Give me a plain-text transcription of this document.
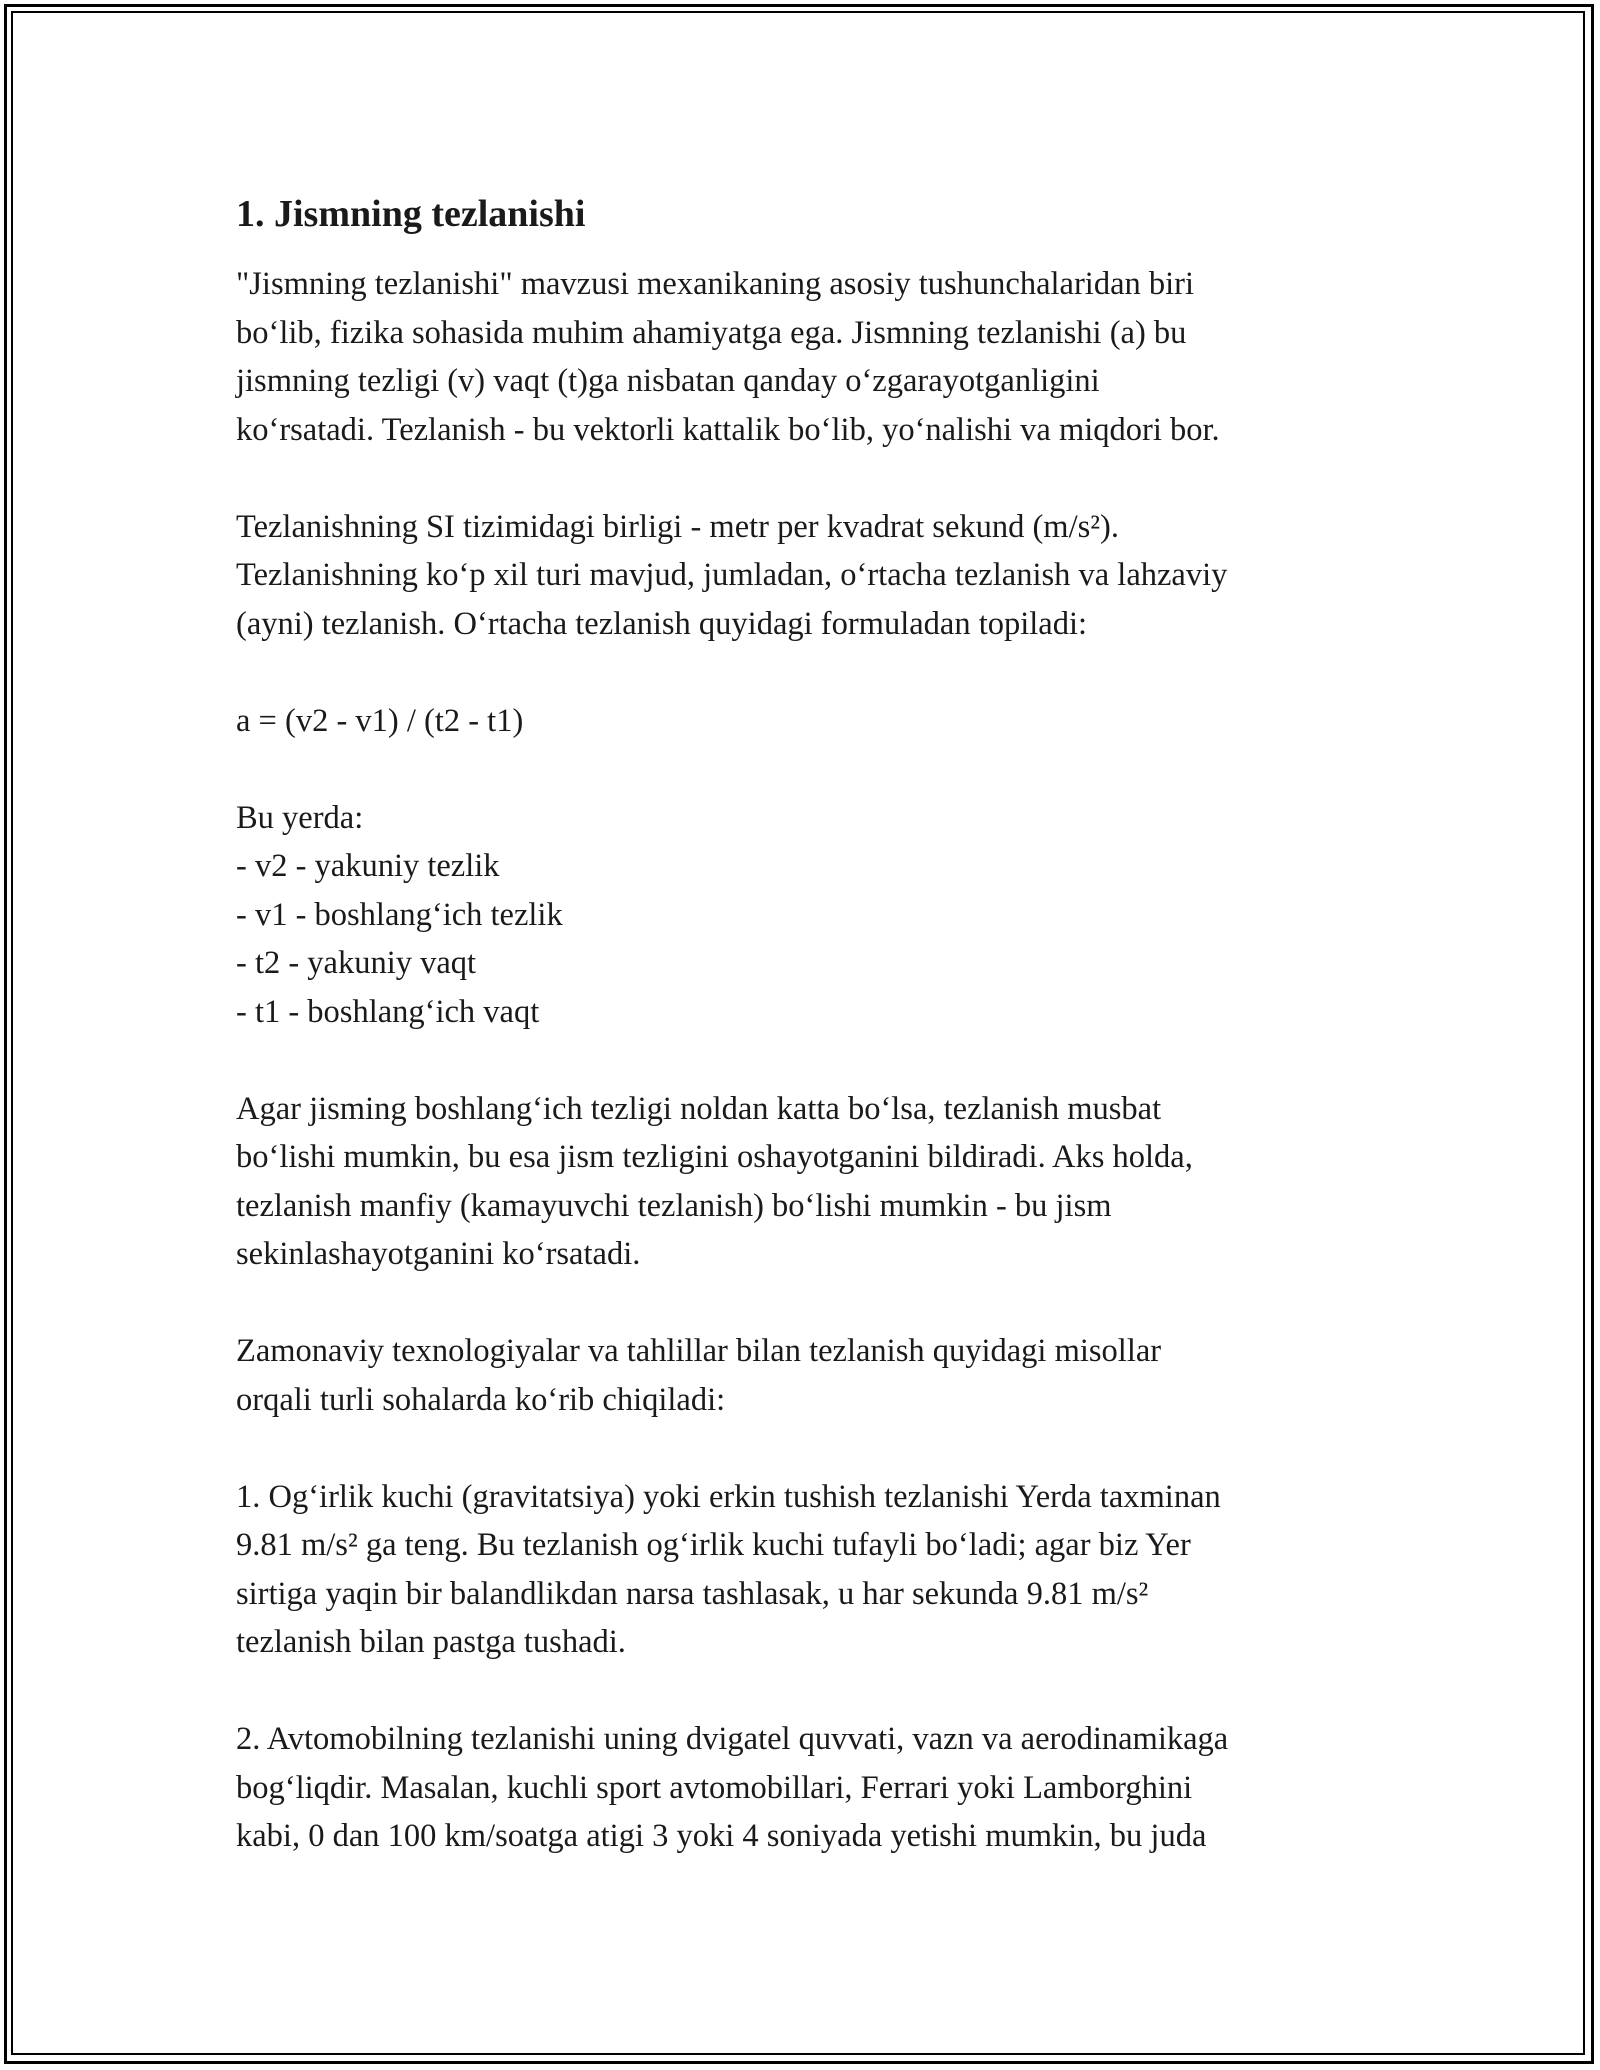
1. Jismning tezlanishi

"Jismning tezlanishi" mavzusi mexanikaning asosiy tushunchalaridan biri
bo‘lib, fizika sohasida muhim ahamiyatga ega. Jismning tezlanishi (a) bu
jismning tezligi (v) vaqt (t)ga nisbatan qanday o‘zgarayotganligini
ko‘rsatadi. Tezlanish - bu vektorli kattalik bo‘lib, yo‘nalishi va miqdori bor.

Tezlanishning SI tizimidagi birligi - metr per kvadrat sekund (m/s²).
Tezlanishning ko‘p xil turi mavjud, jumladan, o‘rtacha tezlanish va lahzaviy
(ayni) tezlanish. O‘rtacha tezlanish quyidagi formuladan topiladi:

a = (v2 - v1) / (t2 - t1)

Bu yerda:
- v2 - yakuniy tezlik
- v1 - boshlang‘ich tezlik
- t2 - yakuniy vaqt
- t1 - boshlang‘ich vaqt

Agar jisming boshlang‘ich tezligi noldan katta bo‘lsa, tezlanish musbat
bo‘lishi mumkin, bu esa jism tezligini oshayotganini bildiradi. Aks holda,
tezlanish manfiy (kamayuvchi tezlanish) bo‘lishi mumkin - bu jism
sekinlashayotganini ko‘rsatadi.

Zamonaviy texnologiyalar va tahlillar bilan tezlanish quyidagi misollar
orqali turli sohalarda ko‘rib chiqiladi:

1. Og‘irlik kuchi (gravitatsiya) yoki erkin tushish tezlanishi Yerda taxminan
9.81 m/s² ga teng. Bu tezlanish og‘irlik kuchi tufayli bo‘ladi; agar biz Yer
sirtiga yaqin bir balandlikdan narsa tashlasak, u har sekunda 9.81 m/s²
tezlanish bilan pastga tushadi.

2. Avtomobilning tezlanishi uning dvigatel quvvati, vazn va aerodinamikaga
bog‘liqdir. Masalan, kuchli sport avtomobillari, Ferrari yoki Lamborghini
kabi, 0 dan 100 km/soatga atigi 3 yoki 4 soniyada yetishi mumkin, bu juda
